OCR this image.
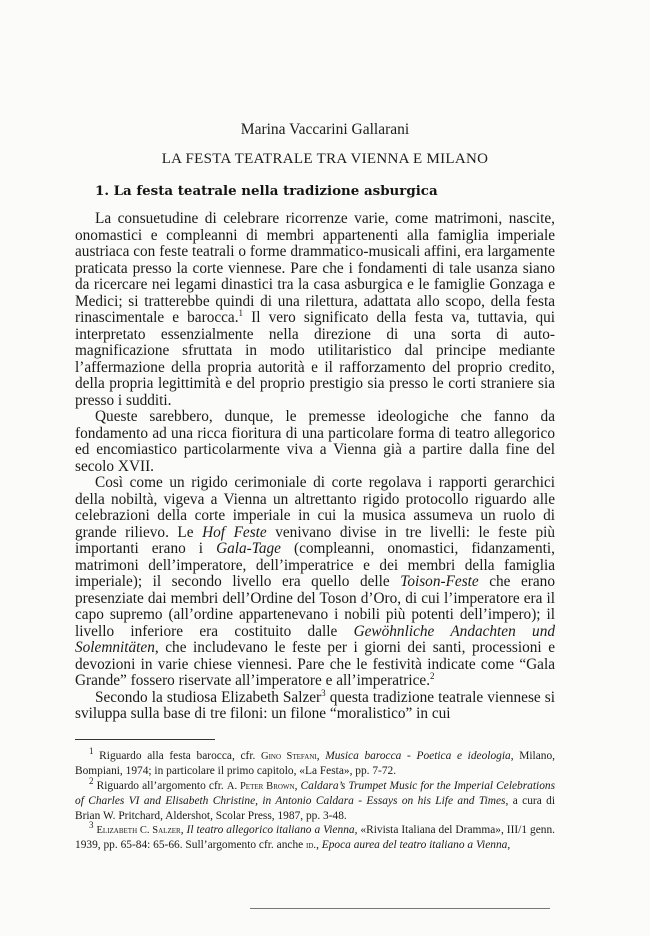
Marina Vaccarini Gallarani
LA FESTA TEATRALE TRA VIENNA E MILANO
1. La festa teatrale nella tradizione asburgica

La consuetudine di celebrare ricorrenze varie, come matrimoni, nascite, onomastici e compleanni di membri appartenenti alla famiglia imperiale austriaca con feste teatrali o forme drammatico-musicali affini, era largamente praticata presso la corte viennese. Pare che i fondamenti di tale usanza siano da ricercare nei legami dinastici tra la casa asburgica e le famiglie Gonzaga e Medici; si tratterebbe quindi di una rilettura, adattata allo scopo, della festa rinascimentale e barocca.$^1$ Il vero significato della festa va, tuttavia, qui interpretato essenzialmente nella direzione di una sorta di auto-magnificazione sfruttata in modo utilitaristico dal principe mediante l’affermazione della propria autorità e il rafforzamento del proprio credito, della propria legittimità e del proprio prestigio sia presso le corti straniere sia presso i sudditi.

Queste sarebbero, dunque, le premesse ideologiche che fanno da fondamento ad una ricca fioritura di una particolare forma di teatro allegorico ed encomiastico particolarmente viva a Vienna già a partire dalla fine del secolo XVII.

Così come un rigido cerimoniale di corte regolava i rapporti gerarchici della nobiltà, vigeva a Vienna un altrettanto rigido protocollo riguardo alle celebrazioni della corte imperiale in cui la musica assumeva un ruolo di grande rilievo. Le Hof Feste venivano divise in tre livelli: le feste più importanti erano i Gala-Tage (compleanni, onomastici, fidanzamenti, matrimoni dell’imperatore, dell’imperatrice e dei membri della famiglia imperiale); il secondo livello era quello delle Toison-Feste che erano presenziate dai membri dell’Ordine del Toson d’Oro, di cui l’imperatore era il capo supremo (all’ordine appartenevano i nobili più potenti dell’impero); il livello inferiore era costituito dalle Gewöhnliche Andachten und Solemnitäten, che includevano le feste per i giorni dei santi, processioni e devozioni in varie chiese viennesi. Pare che le festività indicate come “Gala Grande” fossero riservate all’imperatore e all’imperatrice.$^2$

Secondo la studiosa Elizabeth Salzer$^3$ questa tradizione teatrale viennese si sviluppa sulla base di tre filoni: un filone “moralistico” in cui

$^1$ Riguardo alla festa barocca, cfr. Gino Stefani, Musica barocca - Poetica e ideologia, Milano, Bompiani, 1974; in particolare il primo capitolo, «La Festa», pp. 7-72.

$^2$ Riguardo all’argomento cfr. A. Peter Brown, Caldara’s Trumpet Music for the Imperial Celebrations of Charles VI and Elisabeth Christine, in Antonio Caldara - Essays on his Life and Times, a cura di Brian W. Pritchard, Aldershot, Scolar Press, 1987, pp. 3-48.

$^3$ Elizabeth C. Salzer, Il teatro allegorico italiano a Vienna, «Rivista Italiana del Dramma», III/1 genn. 1939, pp. 65-84: 65-66. Sull’argomento cfr. anche id., Epoca aurea del teatro italiano a Vienna,
